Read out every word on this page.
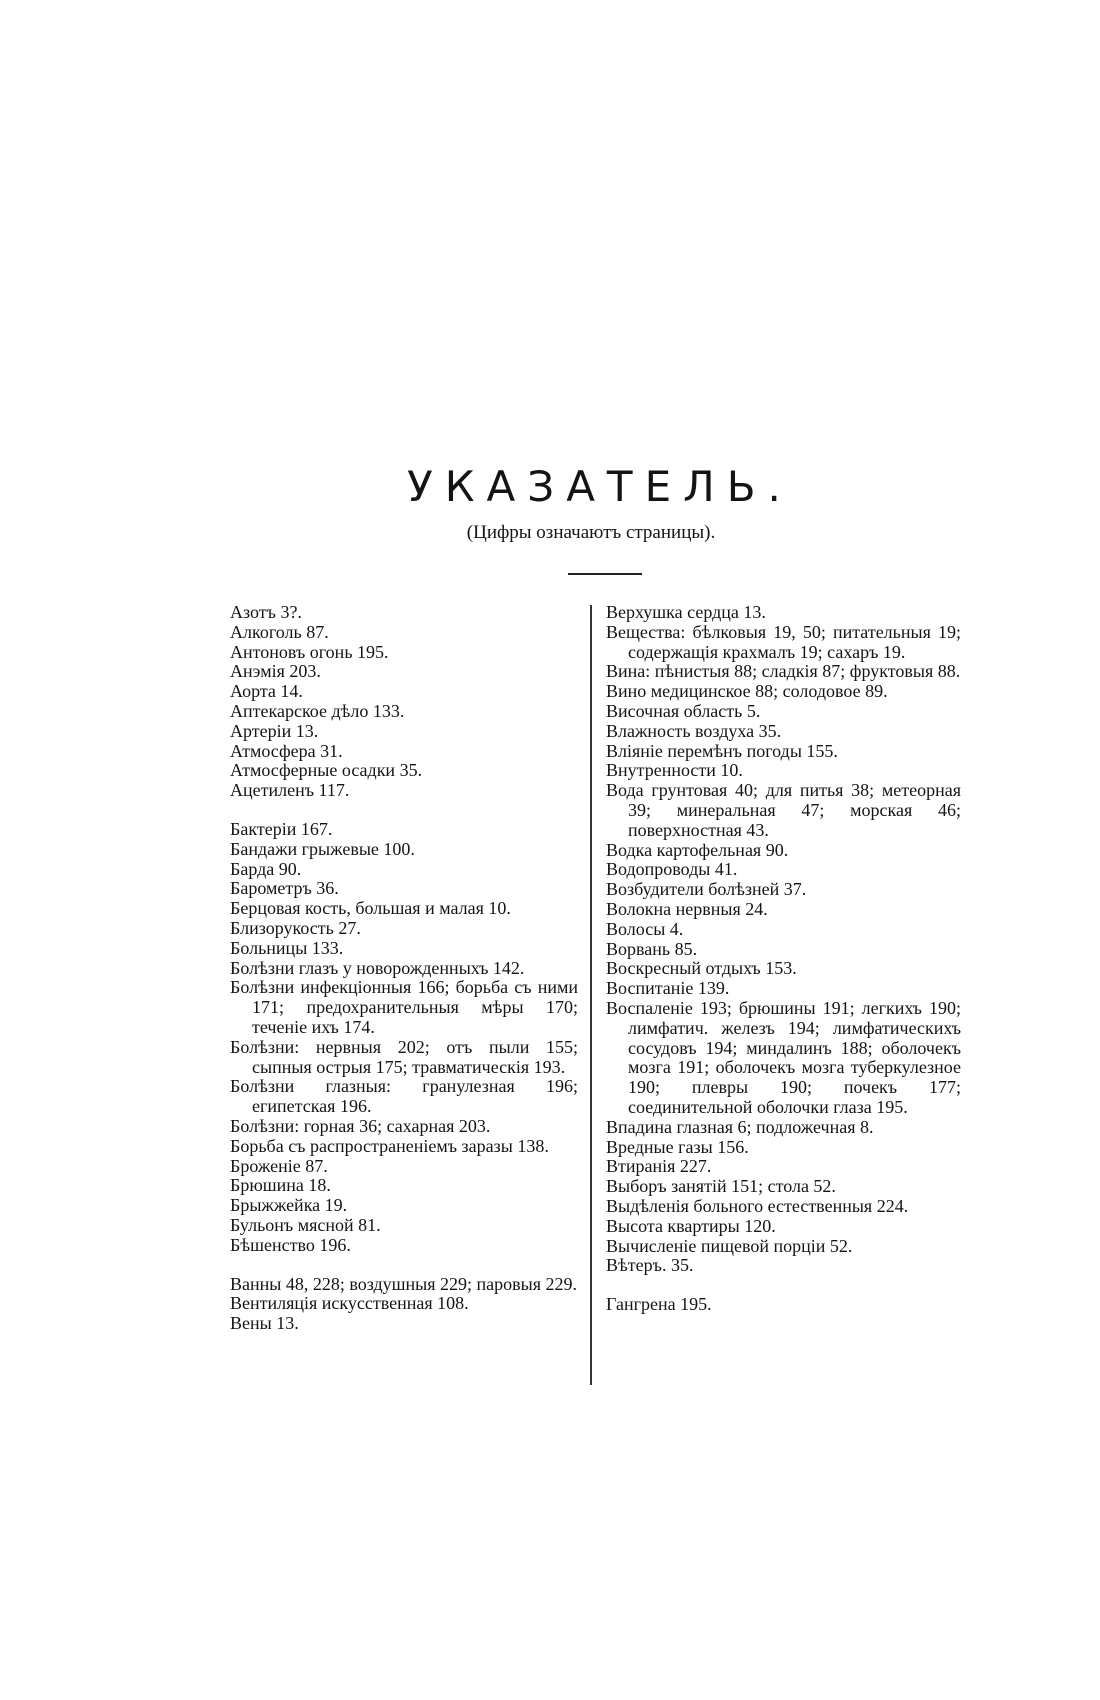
УКАЗАТЕЛЬ.
(Цифры означаютъ страницы).

Азотъ 3?.

Алкоголь 87.

Антоновъ огонь 195.

Анэмія 203.

Аорта 14.

Аптекарское дѣло 133.

Артеріи 13.

Атмосфера 31.

Атмосферные осадки 35.

Ацетиленъ 117.

Бактеріи 167.

Бандажи грыжевые 100.

Барда 90.

Барометръ 36.

Берцовая кость, большая и малая 10.

Близорукость 27.

Больницы 133.

Болѣзни глазъ у новорожденныхъ 142.

Болѣзни инфекціонныя 166; борьба съ ними 171; предохранительныя мѣры 170; теченіе ихъ 174.

Болѣзни: нервныя 202; отъ пыли 155; сыпныя острыя 175; травматическія 193.

Болѣзни глазныя: гранулезная 196; египетская 196.

Болѣзни: горная 36; сахарная 203.

Борьба съ распространеніемъ заразы 138.

Броженіе 87.

Брюшина 18.

Брыжжейка 19.

Бульонъ мясной 81.

Бѣшенство 196.

Ванны 48, 228; воздушныя 229; паровыя 229.

Вентиляція искусственная 108.

Вены 13.

Верхушка сердца 13.

Вещества: бѣлковыя 19, 50; питательныя 19; содержащія крахмалъ 19; сахаръ 19.

Вина: пѣнистыя 88; сладкія 87; фруктовыя 88.

Вино медицинское 88; солодовое 89.

Височная область 5.

Влажность воздуха 35.

Вліяніе перемѣнъ погоды 155.

Внутренности 10.

Вода грунтовая 40; для питья 38; метеорная 39; минеральная 47; морская 46; поверхностная 43.

Водка картофельная 90.

Водопроводы 41.

Возбудители болѣзней 37.

Волокна нервныя 24.

Волосы 4.

Ворвань 85.

Воскресный отдыхъ 153.

Воспитаніе 139.

Воспаленіе 193; брюшины 191; легкихъ 190; лимфатич. железъ 194; лимфатическихъ сосудовъ 194; миндалинъ 188; оболочекъ мозга 191; оболочекъ мозга туберкулезное 190; плевры 190; почекъ 177; соединительной оболочки глаза 195.

Впадина глазная 6; подложечная 8.

Вредные газы 156.

Втиранія 227.

Выборъ занятій 151; стола 52.

Выдѣленія больного естественныя 224.

Высота квартиры 120.

Вычисленіе пищевой порціи 52.

Вѣтеръ. 35.

Гангрена 195.
